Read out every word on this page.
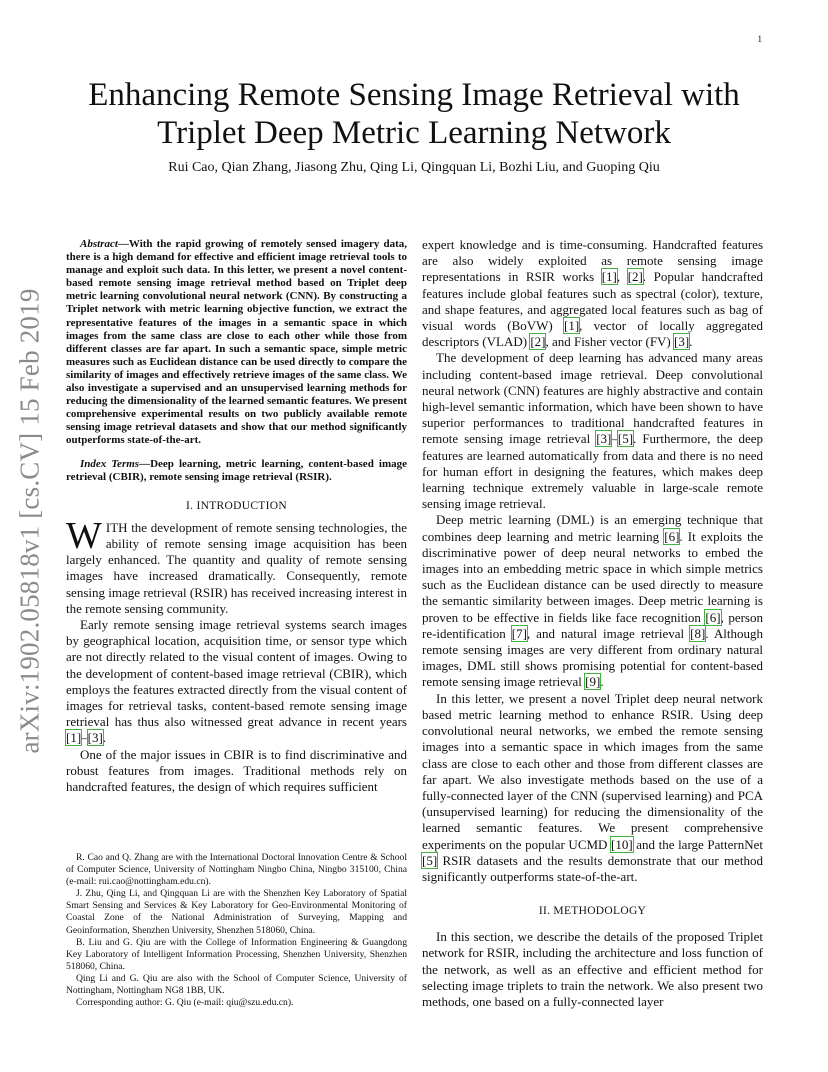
1
arXiv:1902.05818v1 [cs.CV] 15 Feb 2019
Enhancing Remote Sensing Image Retrieval with Triplet Deep Metric Learning Network
Rui Cao, Qian Zhang, Jiasong Zhu, Qing Li, Qingquan Li, Bozhi Liu, and Guoping Qiu

Abstract—With the rapid growing of remotely sensed imagery data, there is a high demand for effective and efficient image retrieval tools to manage and exploit such data. In this letter, we present a novel content-based remote sensing image retrieval method based on Triplet deep metric learning convolutional neural network (CNN). By constructing a Triplet network with metric learning objective function, we extract the representative features of the images in a semantic space in which images from the same class are close to each other while those from different classes are far apart. In such a semantic space, simple metric measures such as Euclidean distance can be used directly to compare the similarity of images and effectively retrieve images of the same class. We also investigate a supervised and an unsupervised learning methods for reducing the dimensionality of the learned semantic features. We present comprehensive experimental results on two publicly available remote sensing image retrieval datasets and show that our method significantly outperforms state-of-the-art.

Index Terms—Deep learning, metric learning, content-based image retrieval (CBIR), remote sensing image retrieval (RSIR).

I. INTRODUCTION

WITH the development of remote sensing technologies, the ability of remote sensing image acquisition has been largely enhanced. The quantity and quality of remote sensing images have increased dramatically. Consequently, remote sensing image retrieval (RSIR) has received increasing interest in the remote sensing community.

Early remote sensing image retrieval systems search images by geographical location, acquisition time, or sensor type which are not directly related to the visual content of images. Owing to the development of content-based image retrieval (CBIR), which employs the features extracted directly from the visual content of images for retrieval tasks, content-based remote sensing image retrieval has thus also witnessed great advance in recent years [1]–[3].

One of the major issues in CBIR is to find discriminative and robust features from images. Traditional methods rely on handcrafted features, the design of which requires sufficient

R. Cao and Q. Zhang are with the International Doctoral Innovation Centre & School of Computer Science, University of Nottingham Ningbo China, Ningbo 315100, China (e-mail: rui.cao@nottingham.edu.cn).

J. Zhu, Qing Li, and Qingquan Li are with the Shenzhen Key Laboratory of Spatial Smart Sensing and Services & Key Laboratory for Geo-Environmental Monitoring of Coastal Zone of the National Administration of Surveying, Mapping and Geoinformation, Shenzhen University, Shenzhen 518060, China.

B. Liu and G. Qiu are with the College of Information Engineering & Guangdong Key Laboratory of Intelligent Information Processing, Shenzhen University, Shenzhen 518060, China.

Qing Li and G. Qiu are also with the School of Computer Science, University of Nottingham, Nottingham NG8 1BB, UK.

Corresponding author: G. Qiu (e-mail: qiu@szu.edu.cn).

expert knowledge and is time-consuming. Handcrafted features are also widely exploited as remote sensing image representations in RSIR works [1], [2]. Popular handcrafted features include global features such as spectral (color), texture, and shape features, and aggregated local features such as bag of visual words (BoVW) [1], vector of locally aggregated descriptors (VLAD) [2], and Fisher vector (FV) [3].

The development of deep learning has advanced many areas including content-based image retrieval. Deep convolutional neural network (CNN) features are highly abstractive and contain high-level semantic information, which have been shown to have superior performances to traditional handcrafted features in remote sensing image retrieval [3]–[5]. Furthermore, the deep features are learned automatically from data and there is no need for human effort in designing the features, which makes deep learning technique extremely valuable in large-scale remote sensing image retrieval.

Deep metric learning (DML) is an emerging technique that combines deep learning and metric learning [6]. It exploits the discriminative power of deep neural networks to embed the images into an embedding metric space in which simple metrics such as the Euclidean distance can be used directly to measure the semantic similarity between images. Deep metric learning is proven to be effective in fields like face recognition [6], person re-identification [7], and natural image retrieval [8]. Although remote sensing images are very different from ordinary natural images, DML still shows promising potential for content-based remote sensing image retrieval [9].

In this letter, we present a novel Triplet deep neural network based metric learning method to enhance RSIR. Using deep convolutional neural networks, we embed the remote sensing images into a semantic space in which images from the same class are close to each other and those from different classes are far apart. We also investigate methods based on the use of a fully-connected layer of the CNN (supervised learning) and PCA (unsupervised learning) for reducing the dimensionality of the learned semantic features. We present comprehensive experiments on the popular UCMD [10] and the large PatternNet [5] RSIR datasets and the results demonstrate that our method significantly outperforms state-of-the-art.

II. METHODOLOGY

In this section, we describe the details of the proposed Triplet network for RSIR, including the architecture and loss function of the network, as well as an effective and efficient method for selecting image triplets to train the network. We also present two methods, one based on a fully-connected layer
